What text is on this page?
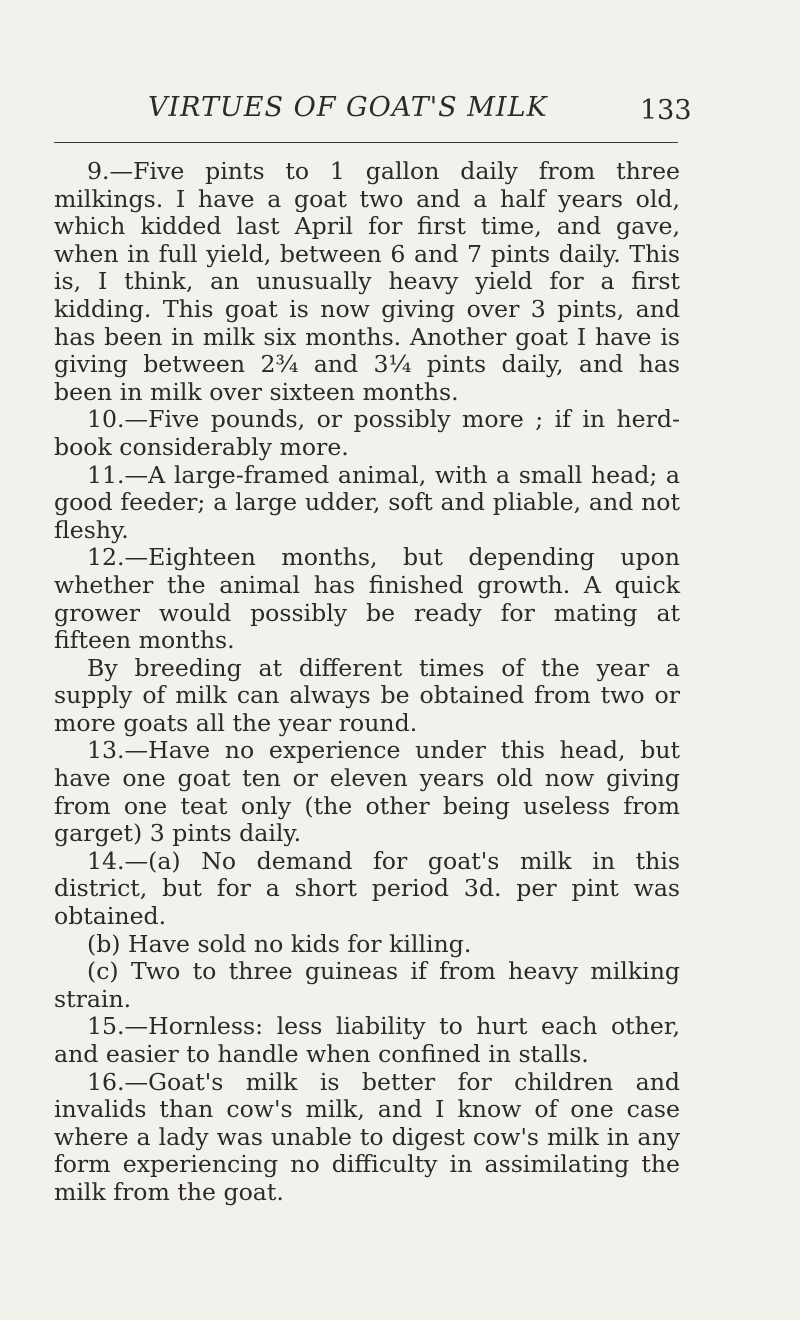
VIRTUES OF GOAT'S MILK	133

9.—Five pints to 1 gallon daily from three milkings. I have a goat two and a half years old, which kidded last April for first time, and gave, when in full yield, between 6 and 7 pints daily. This is, I think, an unusually heavy yield for a first kidding. This goat is now giving over 3 pints, and has been in milk six months. Another goat I have is giving between 2¾ and 3¼ pints daily, and has been in milk over sixteen months.

10.—Five pounds, or possibly more ; if in herd-book considerably more.

11.—A large-framed animal, with a small head; a good feeder; a large udder, soft and pliable, and not fleshy.

12.—Eighteen months, but depending upon whether the animal has finished growth. A quick grower would possibly be ready for mating at fifteen months.

By breeding at different times of the year a supply of milk can always be obtained from two or more goats all the year round.

13.—Have no experience under this head, but have one goat ten or eleven years old now giving from one teat only (the other being useless from garget) 3 pints daily.

14.—(a) No demand for goat's milk in this district, but for a short period 3d. per pint was obtained.

(b) Have sold no kids for killing.

(c) Two to three guineas if from heavy milking strain.

15.—Hornless: less liability to hurt each other, and easier to handle when confined in stalls.

16.—Goat's milk is better for children and invalids than cow's milk, and I know of one case where a lady was unable to digest cow's milk in any form experiencing no difficulty in assimilating the milk from the goat.
